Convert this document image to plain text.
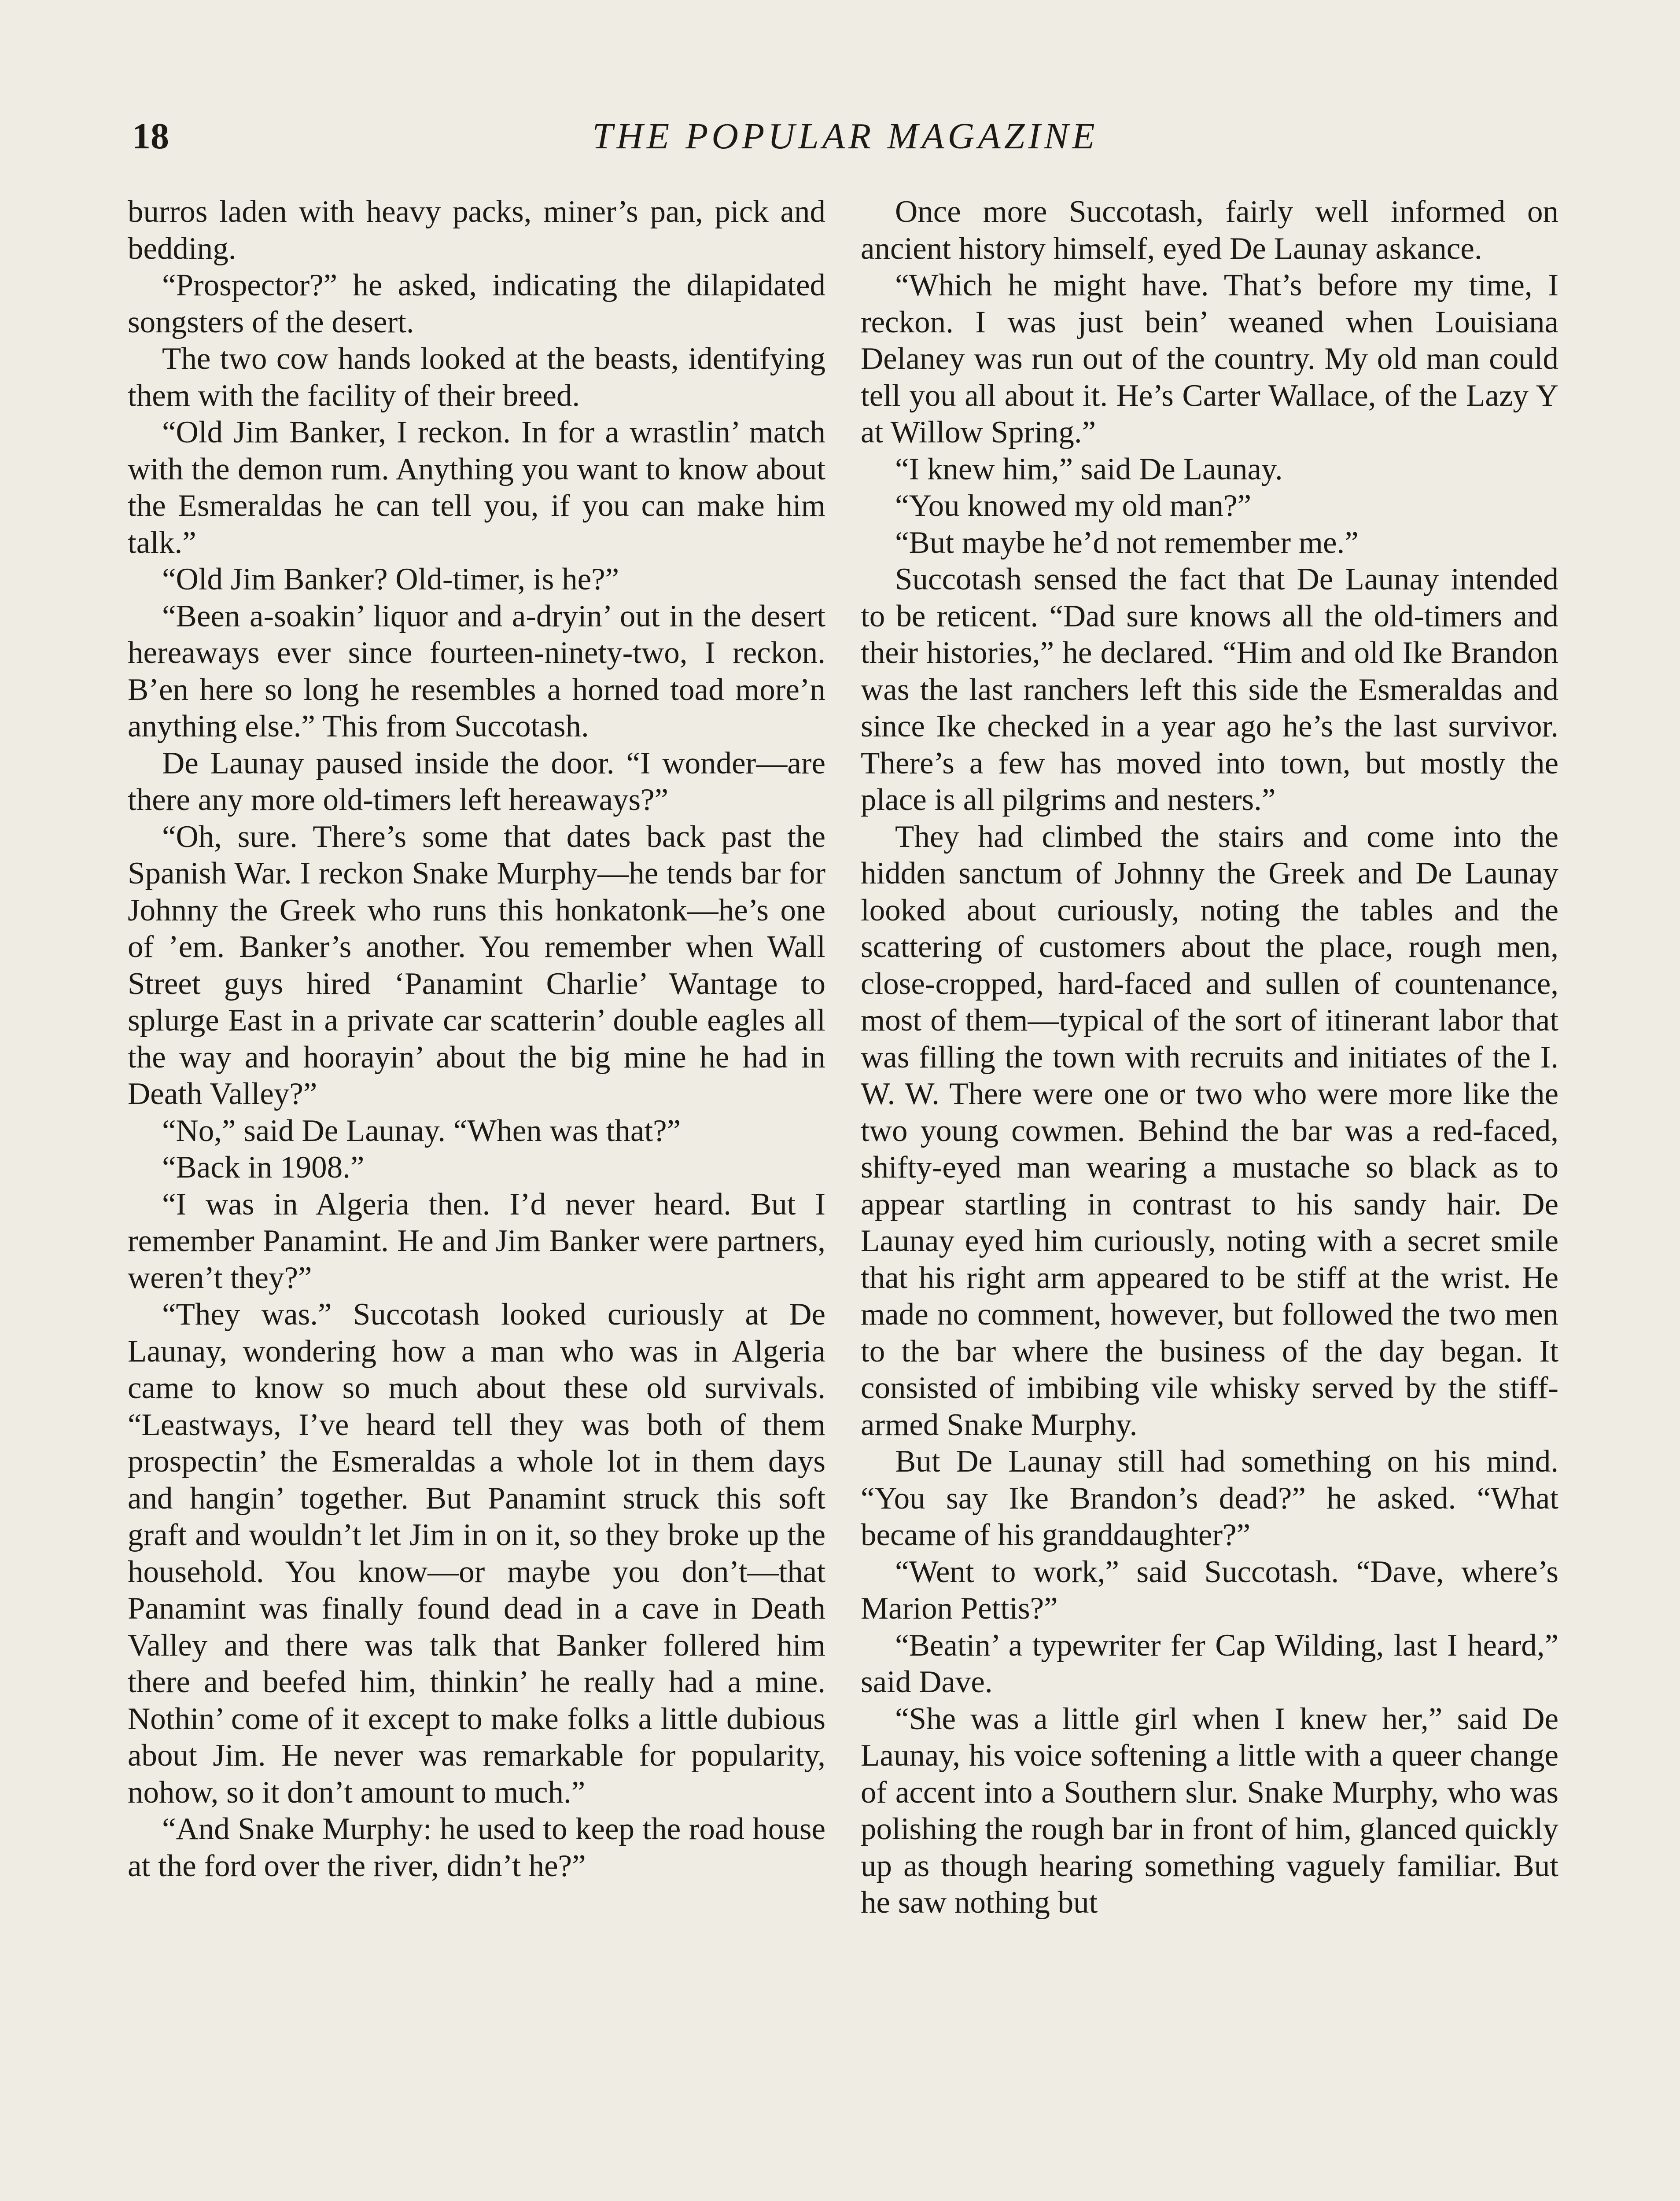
18	THE POPULAR MAGAZINE

burros laden with heavy packs, miner’s pan, pick and bedding.

“Prospector?” he asked, indicating the dilapidated songsters of the desert.

The two cow hands looked at the beasts, identifying them with the facility of their breed.

“Old Jim Banker, I reckon. In for a wrastlin’ match with the demon rum. Anything you want to know about the Esmeraldas he can tell you, if you can make him talk.”

“Old Jim Banker? Old-timer, is he?”

“Been a-soakin’ liquor and a-dryin’ out in the desert hereaways ever since fourteen-ninety-two, I reckon. B’en here so long he resembles a horned toad more’n anything else.” This from Succotash.

De Launay paused inside the door. “I wonder—are there any more old-timers left hereaways?”

“Oh, sure. There’s some that dates back past the Spanish War. I reckon Snake Murphy—he tends bar for Johnny the Greek who runs this honkatonk—he’s one of ’em. Banker’s another. You remember when Wall Street guys hired ‘Panamint Charlie’ Wantage to splurge East in a private car scatterin’ double eagles all the way and hoorayin’ about the big mine he had in Death Valley?”

“No,” said De Launay. “When was that?”

“Back in 1908.”

“I was in Algeria then. I’d never heard. But I remember Panamint. He and Jim Banker were partners, weren’t they?”

“They was.” Succotash looked curiously at De Launay, wondering how a man who was in Algeria came to know so much about these old survivals. “Leastways, I’ve heard tell they was both of them prospectin’ the Esmeraldas a whole lot in them days and hangin’ together. But Panamint struck this soft graft and wouldn’t let Jim in on it, so they broke up the household. You know—or maybe you don’t—that Panamint was finally found dead in a cave in Death Valley and there was talk that Banker follered him there and beefed him, thinkin’ he really had a mine. Nothin’ come of it except to make folks a little dubious about Jim. He never was remarkable for popularity, nohow, so it don’t amount to much.”

“And Snake Murphy: he used to keep the road house at the ford over the river, didn’t he?”

Once more Succotash, fairly well informed on ancient history himself, eyed De Launay askance.

“Which he might have. That’s before my time, I reckon. I was just bein’ weaned when Louisiana Delaney was run out of the country. My old man could tell you all about it. He’s Carter Wallace, of the Lazy Y at Willow Spring.”

“I knew him,” said De Launay.

“You knowed my old man?”

“But maybe he’d not remember me.”

Succotash sensed the fact that De Launay intended to be reticent. “Dad sure knows all the old-timers and their histories,” he declared. “Him and old Ike Brandon was the last ranchers left this side the Esmeraldas and since Ike checked in a year ago he’s the last survivor. There’s a few has moved into town, but mostly the place is all pilgrims and nesters.”

They had climbed the stairs and come into the hidden sanctum of Johnny the Greek and De Launay looked about curiously, noting the tables and the scattering of customers about the place, rough men, close-cropped, hard-faced and sullen of countenance, most of them—typical of the sort of itinerant labor that was filling the town with recruits and initiates of the I. W. W. There were one or two who were more like the two young cowmen. Behind the bar was a red-faced, shifty-eyed man wearing a mustache so black as to appear startling in contrast to his sandy hair. De Launay eyed him curiously, noting with a secret smile that his right arm appeared to be stiff at the wrist. He made no comment, however, but followed the two men to the bar where the business of the day began. It consisted of imbibing vile whisky served by the stiff-armed Snake Murphy.

But De Launay still had something on his mind. “You say Ike Brandon’s dead?” he asked. “What became of his granddaughter?”

“Went to work,” said Succotash. “Dave, where’s Marion Pettis?”

“Beatin’ a typewriter fer Cap Wilding, last I heard,” said Dave.

“She was a little girl when I knew her,” said De Launay, his voice softening a little with a queer change of accent into a Southern slur. Snake Murphy, who was polishing the rough bar in front of him, glanced quickly up as though hearing something vaguely familiar. But he saw nothing but
